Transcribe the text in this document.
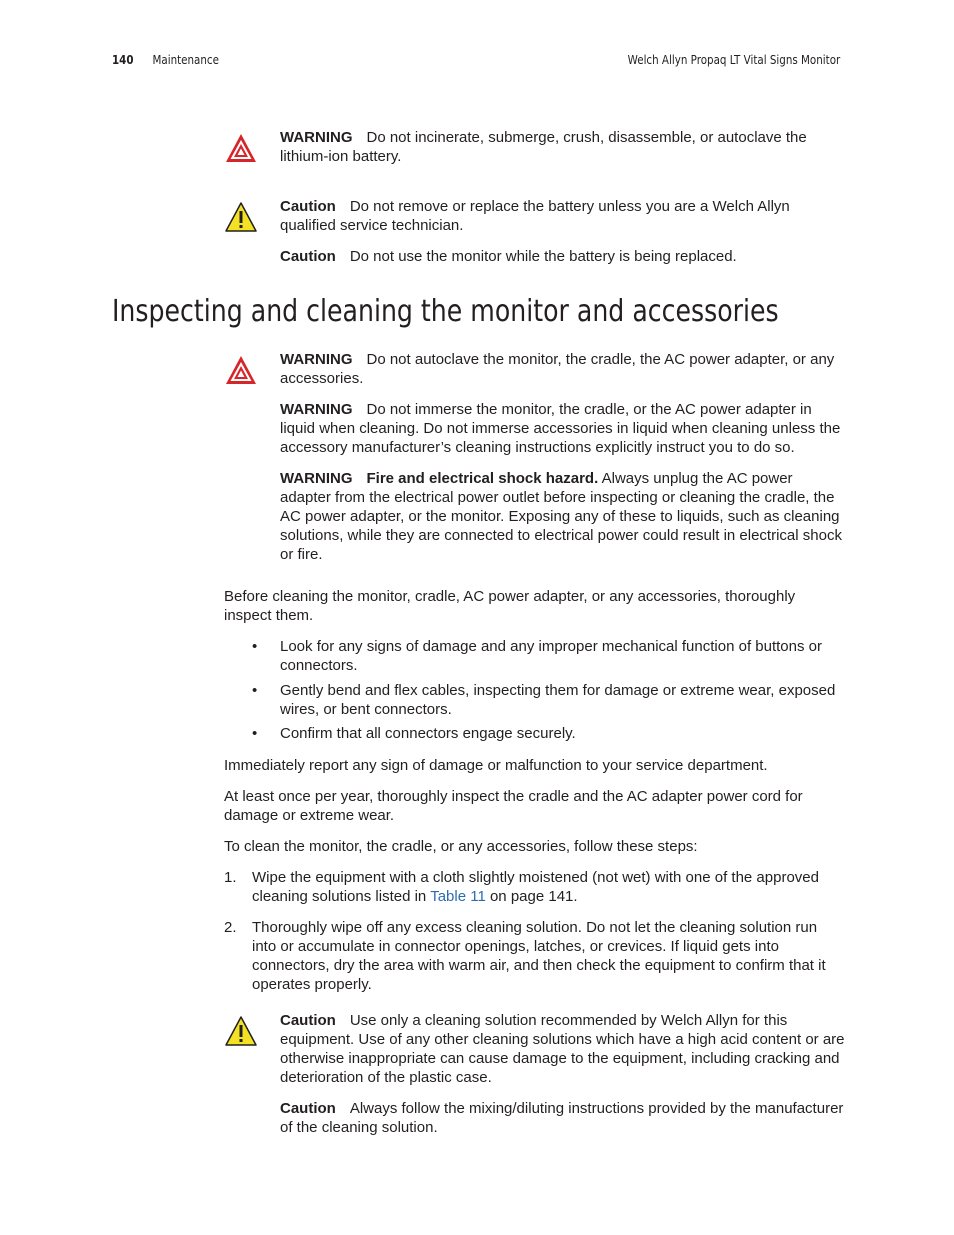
140 Maintenance	Welch Allyn Propaq LT Vital Signs Monitor
WARNING Do not incinerate, submerge, crush, disassemble, or autoclave the lithium-ion battery.
Caution Do not remove or replace the battery unless you are a Welch Allyn qualified service technician.
Caution Do not use the monitor while the battery is being replaced.
Inspecting and cleaning the monitor and accessories
WARNING Do not autoclave the monitor, the cradle, the AC power adapter, or any accessories.
WARNING Do not immerse the monitor, the cradle, or the AC power adapter in liquid when cleaning. Do not immerse accessories in liquid when cleaning unless the accessory manufacturer’s cleaning instructions explicitly instruct you to do so.
WARNING Fire and electrical shock hazard. Always unplug the AC power adapter from the electrical power outlet before inspecting or cleaning the cradle, the AC power adapter, or the monitor. Exposing any of these to liquids, such as cleaning solutions, while they are connected to electrical power could result in electrical shock or fire.
Before cleaning the monitor, cradle, AC power adapter, or any accessories, thoroughly inspect them.
•	Look for any signs of damage and any improper mechanical function of buttons or connectors.
•	Gently bend and flex cables, inspecting them for damage or extreme wear, exposed wires, or bent connectors.
•	Confirm that all connectors engage securely.
Immediately report any sign of damage or malfunction to your service department.
At least once per year, thoroughly inspect the cradle and the AC adapter power cord for damage or extreme wear.
To clean the monitor, the cradle, or any accessories, follow these steps:
1.	Wipe the equipment with a cloth slightly moistened (not wet) with one of the approved cleaning solutions listed in Table 11 on page 141.
2.	Thoroughly wipe off any excess cleaning solution. Do not let the cleaning solution run into or accumulate in connector openings, latches, or crevices. If liquid gets into connectors, dry the area with warm air, and then check the equipment to confirm that it operates properly.
Caution Use only a cleaning solution recommended by Welch Allyn for this equipment. Use of any other cleaning solutions which have a high acid content or are otherwise inappropriate can cause damage to the equipment, including cracking and deterioration of the plastic case.
Caution Always follow the mixing/diluting instructions provided by the manufacturer of the cleaning solution.
